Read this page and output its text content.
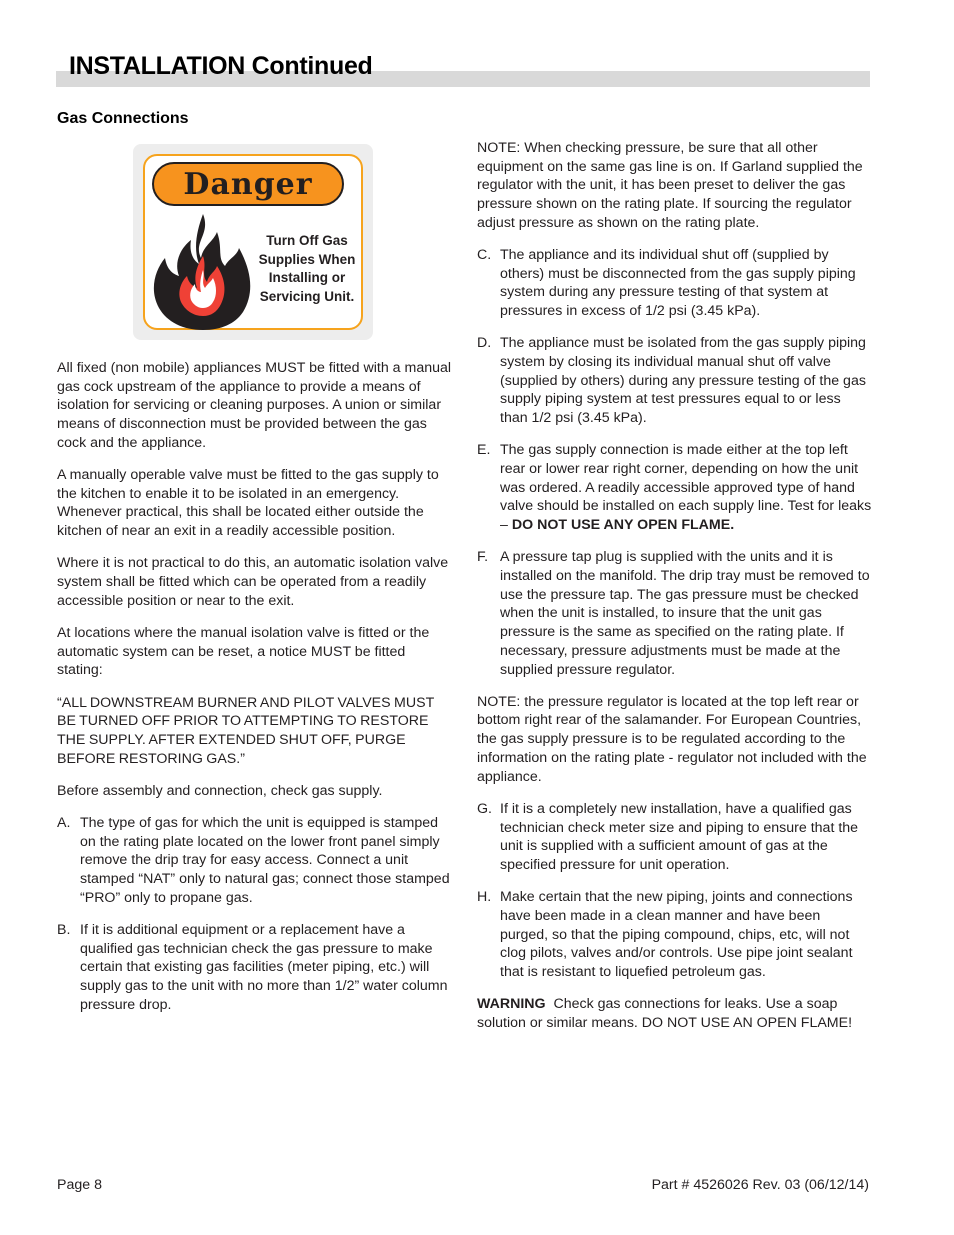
INSTALLATION Continued
Gas Connections
Danger
Turn Off Gas
Supplies When
Installing or
Servicing Unit.

All fixed (non mobile) appliances MUST be fitted with a manual gas cock upstream of the appliance to provide a means of isolation for servicing or cleaning purposes. A union or similar means of disconnection must be provided between the gas cock and the appliance.

A manually operable valve must be fitted to the gas supply to the kitchen to enable it to be isolated in an emergency. Whenever practical, this shall be located either outside the kitchen of near an exit in a readily accessible position.

Where it is not practical to do this, an automatic isolation valve system shall be fitted which can be operated from a readily accessible position or near to the exit.

At locations where the manual isolation valve is fitted or the automatic system can be reset, a notice MUST be fitted stating:

“ALL DOWNSTREAM BURNER AND PILOT VALVES MUST BE TURNED OFF PRIOR TO ATTEMPTING TO RESTORE THE SUPPLY. AFTER EXTENDED SHUT OFF, PURGE BEFORE RESTORING GAS.”

Before assembly and connection, check gas supply.

A. The type of gas for which the unit is equipped is stamped on the rating plate located on the lower front panel simply remove the drip tray for easy access. Connect a unit stamped “NAT” only to natural gas; connect those stamped “PRO” only to propane gas.
B. If it is additional equipment or a replacement have a qualified gas technician check the gas pressure to make certain that existing gas facilities (meter piping, etc.) will supply gas to the unit with no more than 1/2” water column pressure drop.

NOTE: When checking pressure, be sure that all other equipment on the same gas line is on. If Garland supplied the regulator with the unit, it has been preset to deliver the gas pressure shown on the rating plate. If sourcing the regulator adjust pressure as shown on the rating plate.

C. The appliance and its individual shut off (supplied by others) must be disconnected from the gas supply piping system during any pressure testing of that system at pressures in excess of 1/2 psi (3.45 kPa).
D. The appliance must be isolated from the gas supply piping system by closing its individual manual shut off valve (supplied by others) during any pressure testing of the gas supply piping system at test pressures equal to or less than 1/2 psi (3.45 kPa).
E. The gas supply connection is made either at the top left rear or lower rear right corner, depending on how the unit was ordered. A readily accessible approved type of hand valve should be installed on each supply line. Test for leaks – DO NOT USE ANY OPEN FLAME.
F. A pressure tap plug is supplied with the units and it is installed on the manifold. The drip tray must be removed to use the pressure tap. The gas pressure must be checked when the unit is installed, to insure that the unit gas pressure is the same as specified on the rating plate. If necessary, pressure adjustments must be made at the supplied pressure regulator.

NOTE: the pressure regulator is located at the top left rear or bottom right rear of the salamander. For European Countries, the gas supply pressure is to be regulated according to the information on the rating plate - regulator not included with the appliance.

G. If it is a completely new installation, have a qualified gas technician check meter size and piping to ensure that the unit is supplied with a sufficient amount of gas at the specified pressure for unit operation.
H. Make certain that the new piping, joints and connections have been made in a clean manner and have been purged, so that the piping compound, chips, etc, will not clog pilots, valves and/or controls. Use pipe joint sealant that is resistant to liquefied petroleum gas.

WARNING  Check gas connections for leaks. Use a soap solution or similar means. DO NOT USE AN OPEN FLAME!

Page 8	Part # 4526026 Rev. 03 (06/12/14)
